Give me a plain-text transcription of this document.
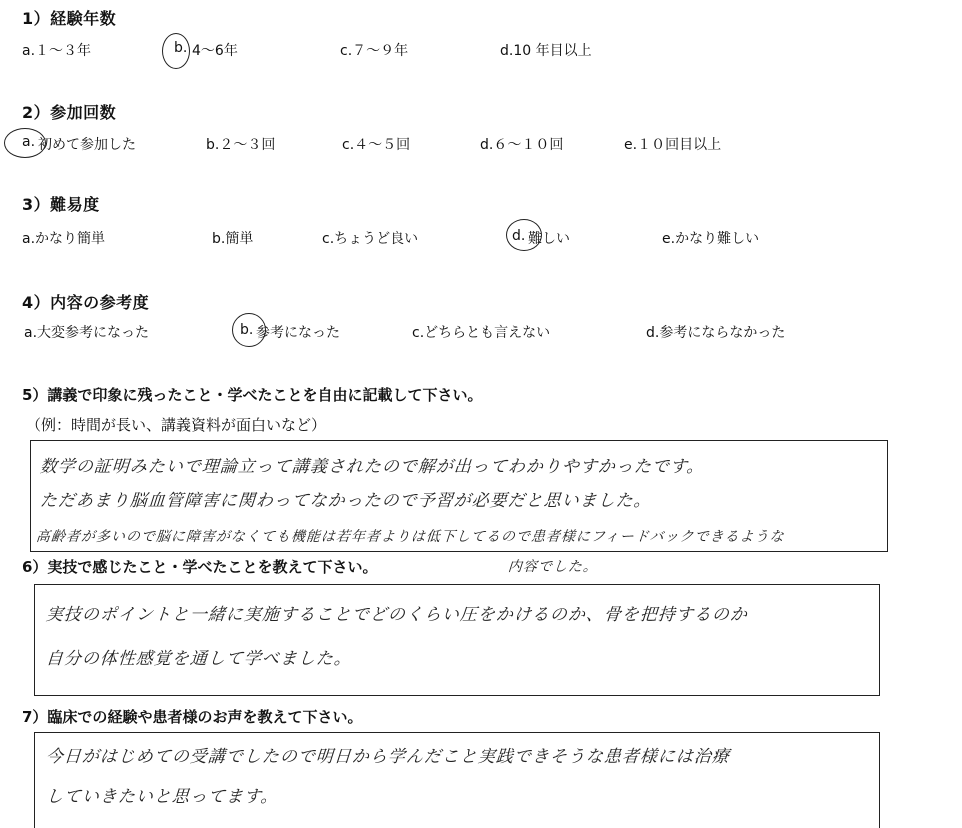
1）経験年数
a.１〜３年	b. 4〜6年	c.７〜９年	d.10 年目以上
2）参加回数
a. 初めて参加した	b.２〜３回	c.４〜５回	d.６〜１０回	e.１０回目以上
3）難易度
a.かなり簡単	b.簡単	c.ちょうど良い	d. 難しい	e.かなり難しい
4）内容の参考度
a.大変参考になった	b. 参考になった	c.どちらとも言えない	d.参考にならなかった
5）講義で印象に残ったこと・学べたことを自由に記載して下さい。
（例：時間が長い、講義資料が面白いなど）
数学の証明みたいで理論立って講義されたので解が出ってわかりやすかったです。
ただあまり脳血管障害に関わってなかったので予習が必要だと思いました。
高齢者が多いので脳に障害がなくても機能は若年者よりは低下してるので患者様にフィードバックできるような
内容でした。
6）実技で感じたこと・学べたことを教えて下さい。
実技のポイントと一緒に実施することでどのくらい圧をかけるのか、骨を把持するのか
自分の体性感覚を通して学べました。
7）臨床での経験や患者様のお声を教えて下さい。
今日がはじめての受講でしたので明日から学んだこと実践できそうな患者様には治療
していきたいと思ってます。
